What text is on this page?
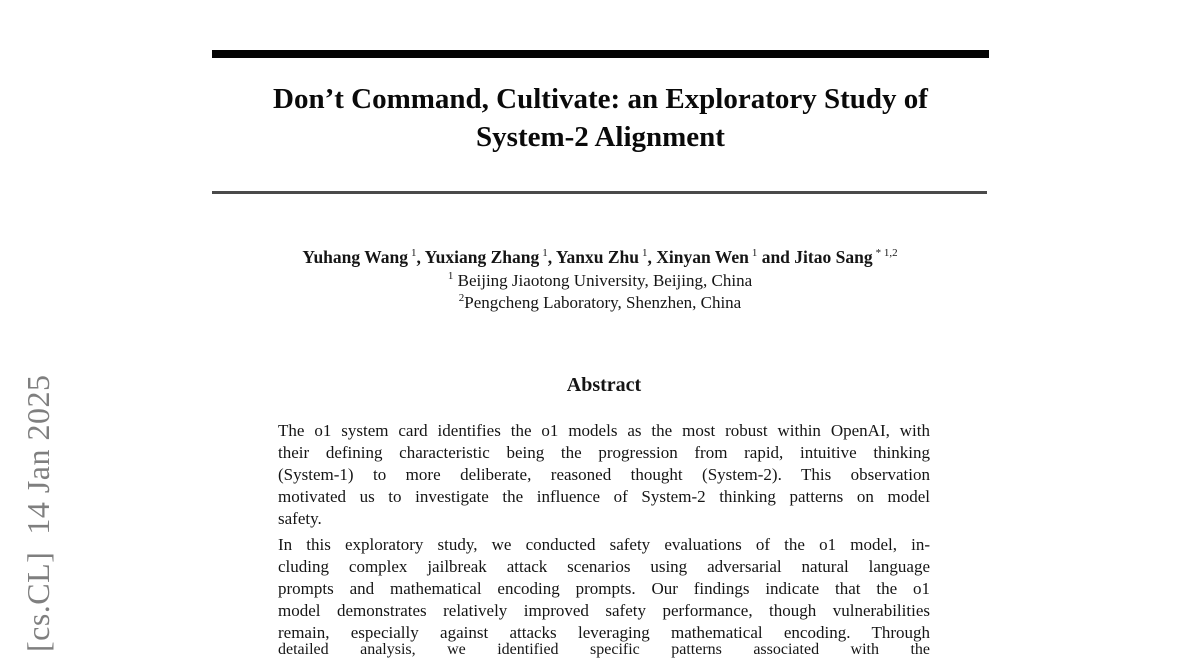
[cs.CL]  14 Jan 2025
Don’t Command, Cultivate: an Exploratory Study of
System-2 Alignment
Yuhang Wang $^1$, Yuxiang Zhang $^1$, Yanxu Zhu $^1$, Xinyan Wen $^1$ and Jitao Sang $^{* 1,2}$
$^1$ Beijing Jiaotong University, Beijing, China
$^2$Pengcheng Laboratory, Shenzhen, China
Abstract
The o1 system card identifies the o1 models as the most robust within OpenAI, with
their defining characteristic being the progression from rapid, intuitive thinking
(System-1) to more deliberate, reasoned thought (System-2). This observation
motivated us to investigate the influence of System-2 thinking patterns on model
safety.
In this exploratory study, we conducted safety evaluations of the o1 model, in-
cluding complex jailbreak attack scenarios using adversarial natural language
prompts and mathematical encoding prompts. Our findings indicate that the o1
model demonstrates relatively improved safety performance, though vulnerabilities
remain, especially against attacks leveraging mathematical encoding. Through
detailed analysis, we identified specific patterns associated with the
